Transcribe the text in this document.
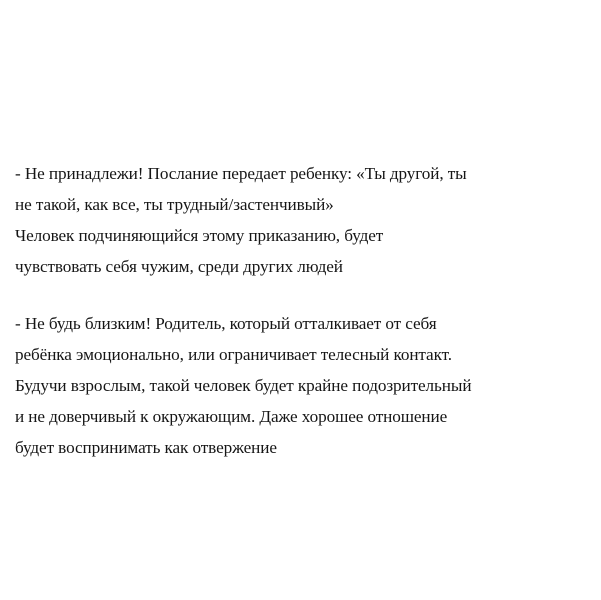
- Не принадлежи! Послание передает ребенку: «Ты другой, ты
не такой, как все, ты трудный/застенчивый»
Человек подчиняющийся этому приказанию, будет
чувствовать себя чужим, среди других людей
- Не будь близким! Родитель, который отталкивает от себя
ребёнка эмоционально, или ограничивает телесный контакт.
Будучи взрослым, такой человек будет крайне подозрительный
и не доверчивый к окружающим. Даже хорошее отношение
будет воспринимать как отвержение
